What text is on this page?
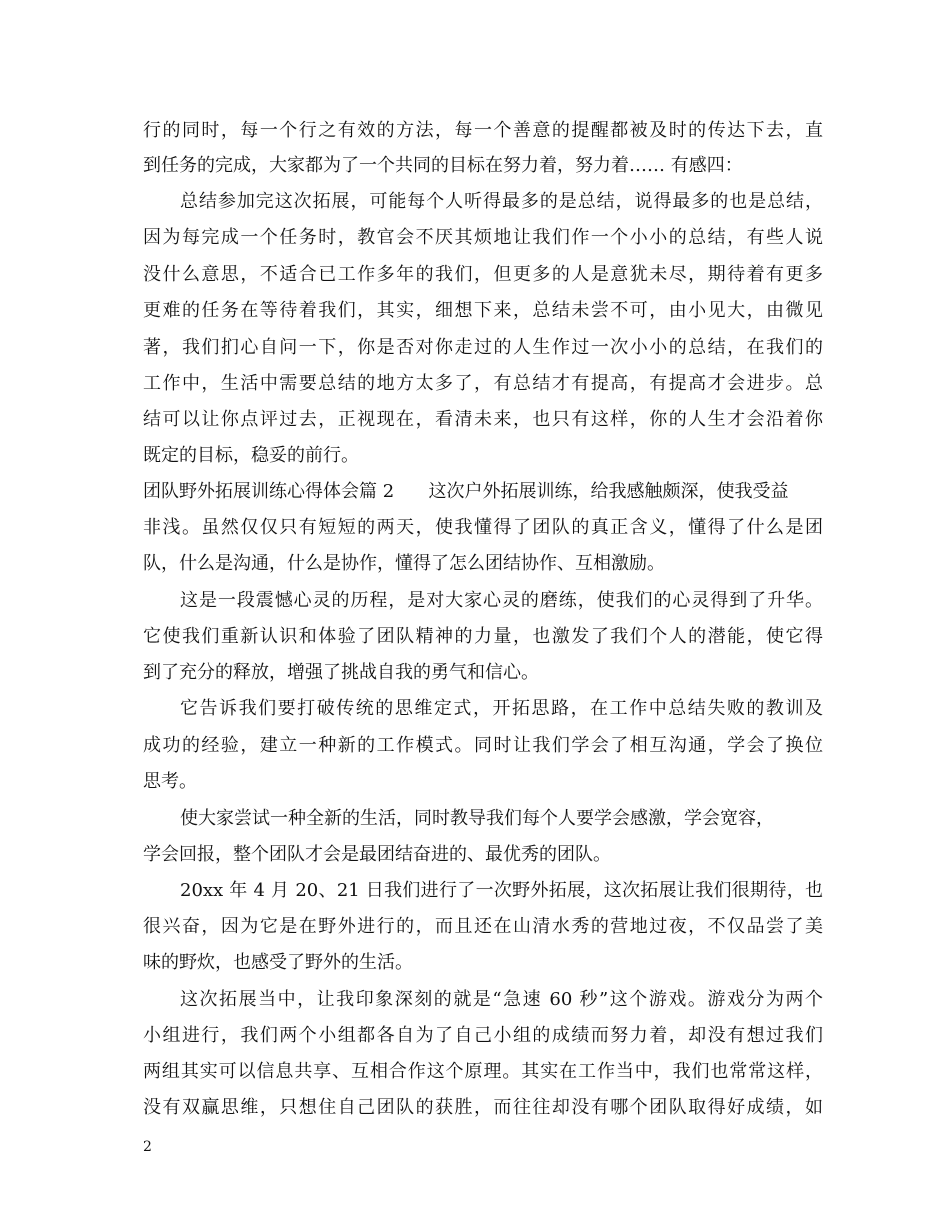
行的同时，每一个行之有效的方法，每一个善意的提醒都被及时的传达下去，直
到任务的完成，大家都为了一个共同的目标在努力着，努力着…… 有感四：
总结参加完这次拓展，可能每个人听得最多的是总结，说得最多的也是总结，
因为每完成一个任务时，教官会不厌其烦地让我们作一个小小的总结，有些人说
没什么意思，不适合已工作多年的我们，但更多的人是意犹未尽，期待着有更多
更难的任务在等待着我们，其实，细想下来，总结未尝不可，由小见大，由微见
著，我们扪心自问一下，你是否对你走过的人生作过一次小小的总结，在我们的
工作中，生活中需要总结的地方太多了，有总结才有提高，有提高才会进步。总
结可以让你点评过去，正视现在，看清未来，也只有这样，你的人生才会沿着你
既定的目标，稳妥的前行。
团队野外拓展训练心得体会篇 2      这次户外拓展训练，给我感触颇深，使我受益
非浅。虽然仅仅只有短短的两天，使我懂得了团队的真正含义，懂得了什么是团
队，什么是沟通，什么是协作，懂得了怎么团结协作、互相激励。
这是一段震憾心灵的历程，是对大家心灵的磨练，使我们的心灵得到了升华。
它使我们重新认识和体验了团队精神的力量，也激发了我们个人的潜能，使它得
到了充分的释放，增强了挑战自我的勇气和信心。
它告诉我们要打破传统的思维定式，开拓思路，在工作中总结失败的教训及
成功的经验，建立一种新的工作模式。同时让我们学会了相互沟通，学会了换位
思考。
使大家尝试一种全新的生活，同时教导我们每个人要学会感激，学会宽容，
学会回报，整个团队才会是最团结奋进的、最优秀的团队。
20xx 年 4 月 20、21 日我们进行了一次野外拓展，这次拓展让我们很期待，也
很兴奋，因为它是在野外进行的，而且还在山清水秀的营地过夜，不仅品尝了美
味的野炊，也感受了野外的生活。
这次拓展当中，让我印象深刻的就是“急速 60 秒”这个游戏。游戏分为两个
小组进行，我们两个小组都各自为了自己小组的成绩而努力着，却没有想过我们
两组其实可以信息共享、互相合作这个原理。其实在工作当中，我们也常常这样，
没有双赢思维，只想住自己团队的获胜，而往往却没有哪个团队取得好成绩，如
2
